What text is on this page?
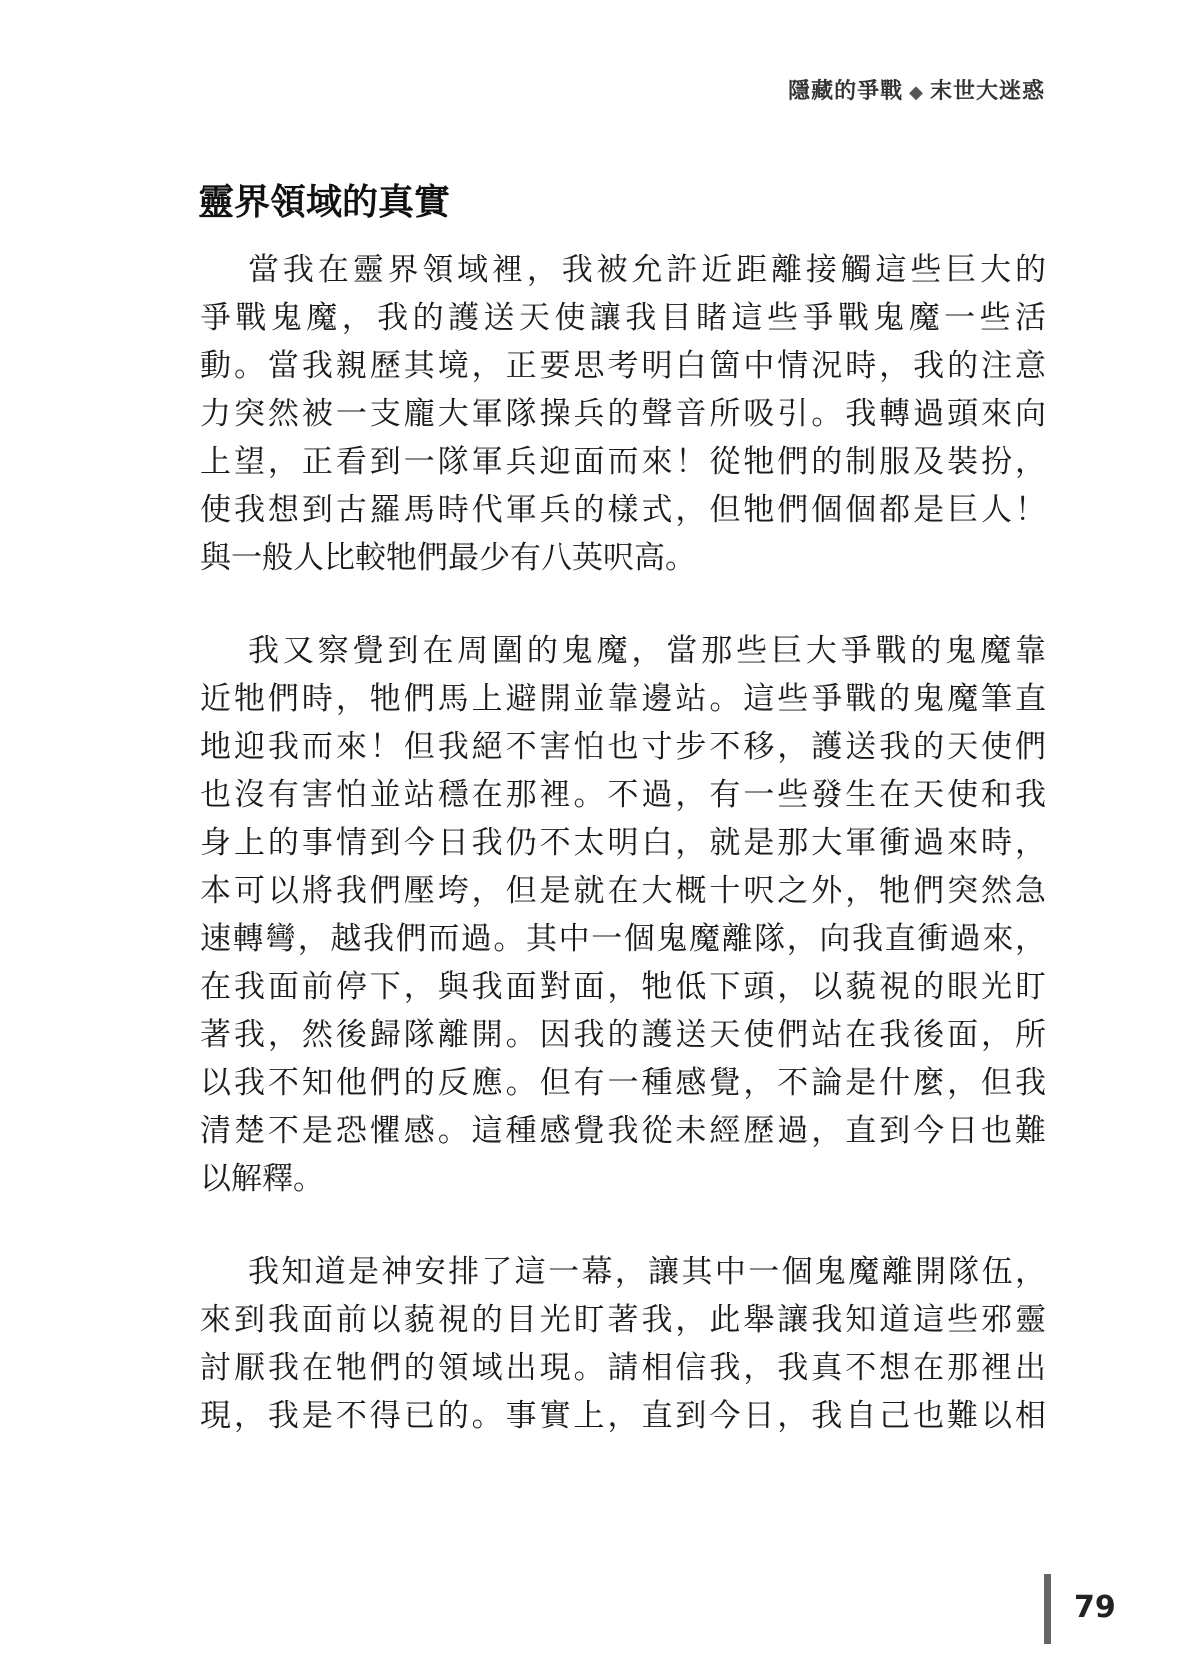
隱藏的爭戰 ◆ 末世大迷惑
靈界領域的真實
當我在靈界領域裡，我被允許近距離接觸這些巨大的
爭戰鬼魔，我的護送天使讓我目睹這些爭戰鬼魔一些活
動。當我親歷其境，正要思考明白箇中情況時，我的注意
力突然被一支龐大軍隊操兵的聲音所吸引。我轉過頭來向
上望，正看到一隊軍兵迎面而來！從牠們的制服及裝扮，
使我想到古羅馬時代軍兵的樣式，但牠們個個都是巨人！
與一般人比較牠們最少有八英呎高。
我又察覺到在周圍的鬼魔，當那些巨大爭戰的鬼魔靠
近牠們時，牠們馬上避開並靠邊站。這些爭戰的鬼魔筆直
地迎我而來！但我絕不害怕也寸步不移，護送我的天使們
也沒有害怕並站穩在那裡。不過，有一些發生在天使和我
身上的事情到今日我仍不太明白，就是那大軍衝過來時，
本可以將我們壓垮，但是就在大概十呎之外，牠們突然急
速轉彎，越我們而過。其中一個鬼魔離隊，向我直衝過來，
在我面前停下，與我面對面，牠低下頭，以藐視的眼光盯
著我，然後歸隊離開。因我的護送天使們站在我後面，所
以我不知他們的反應。但有一種感覺，不論是什麼，但我
清楚不是恐懼感。這種感覺我從未經歷過，直到今日也難
以解釋。
我知道是神安排了這一幕，讓其中一個鬼魔離開隊伍，
來到我面前以藐視的目光盯著我，此舉讓我知道這些邪靈
討厭我在牠們的領域出現。請相信我，我真不想在那裡出
現，我是不得已的。事實上，直到今日，我自己也難以相
79
